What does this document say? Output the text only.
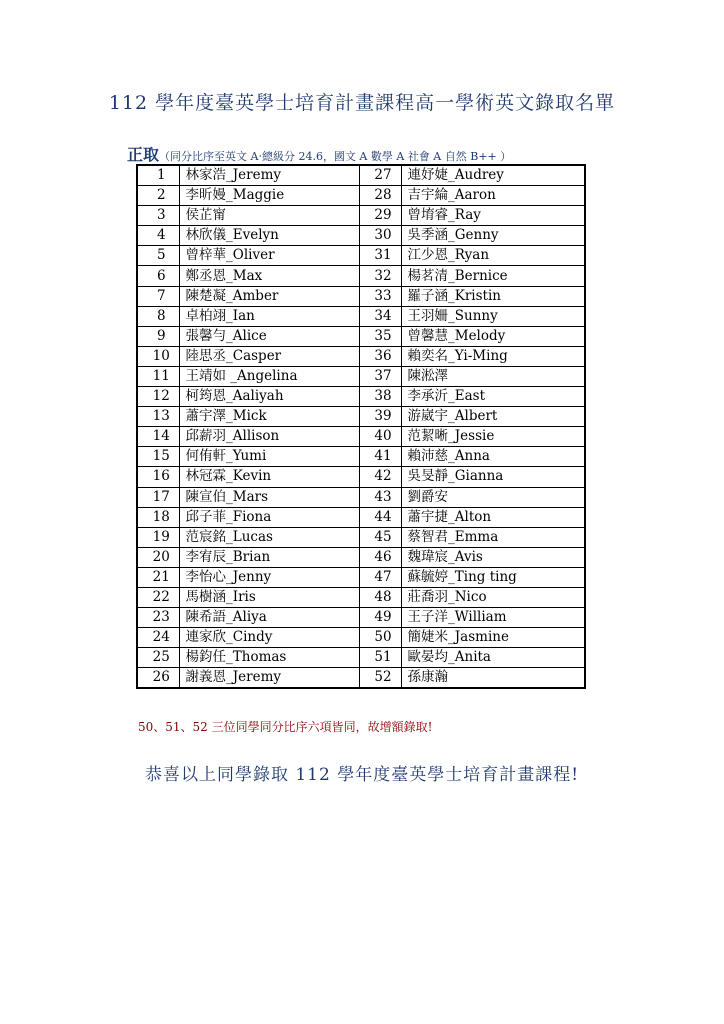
112 學年度臺英學士培育計畫課程高一學術英文錄取名單
正取（同分比序至英文 A‧總級分 24.6，國文 A 數學 A 社會 A 自然 B++ ）
1	林家浩_Jeremy	27	連妤婕_Audrey
2	李昕嫚_Maggie	28	吉宇綸_Aaron
3	侯芷甯	29	曾堉睿_Ray
4	林欣儀_Evelyn	30	吳季涵_Genny
5	曾梓華_Oliver	31	江少恩_Ryan
6	鄭丞恩_Max	32	楊茗清_Bernice
7	陳楚凝_Amber	33	羅子涵_Kristin
8	卓柏翊_Ian	34	王羽姍_Sunny
9	張馨勻_Alice	35	曾馨慧_Melody
10	陸思丞_Casper	36	賴奕名_Yi-Ming
11	王靖如 _Angelina	37	陳淞澤
12	柯筠恩_Aaliyah	38	李承沂_East
13	蕭宇澤_Mick	39	游崴宇_Albert
14	邱薪羽_Allison	40	范絜晰_Jessie
15	何侑軒_Yumi	41	賴沛慈_Anna
16	林冠霖_Kevin	42	吳旻靜_Gianna
17	陳宣伯_Mars	43	劉爵安
18	邱子菲_Fiona	44	蕭宇捷_Alton
19	范宸銘_Lucas	45	蔡智君_Emma
20	李宥辰_Brian	46	魏瑋宸_Avis
21	李怡心_Jenny	47	蘇毓婷_Ting ting
22	馬樹涵_Iris	48	莊喬羽_Nico
23	陳希語_Aliya	49	王子洋_William
24	連家欣_Cindy	50	簡婕米_Jasmine
25	楊鈞任_Thomas	51	歐晏均_Anita
26	謝義恩_Jeremy	52	孫康瀚
50、51、52 三位同學同分比序六項皆同，故增額錄取!
恭喜以上同學錄取 112 學年度臺英學士培育計畫課程!
